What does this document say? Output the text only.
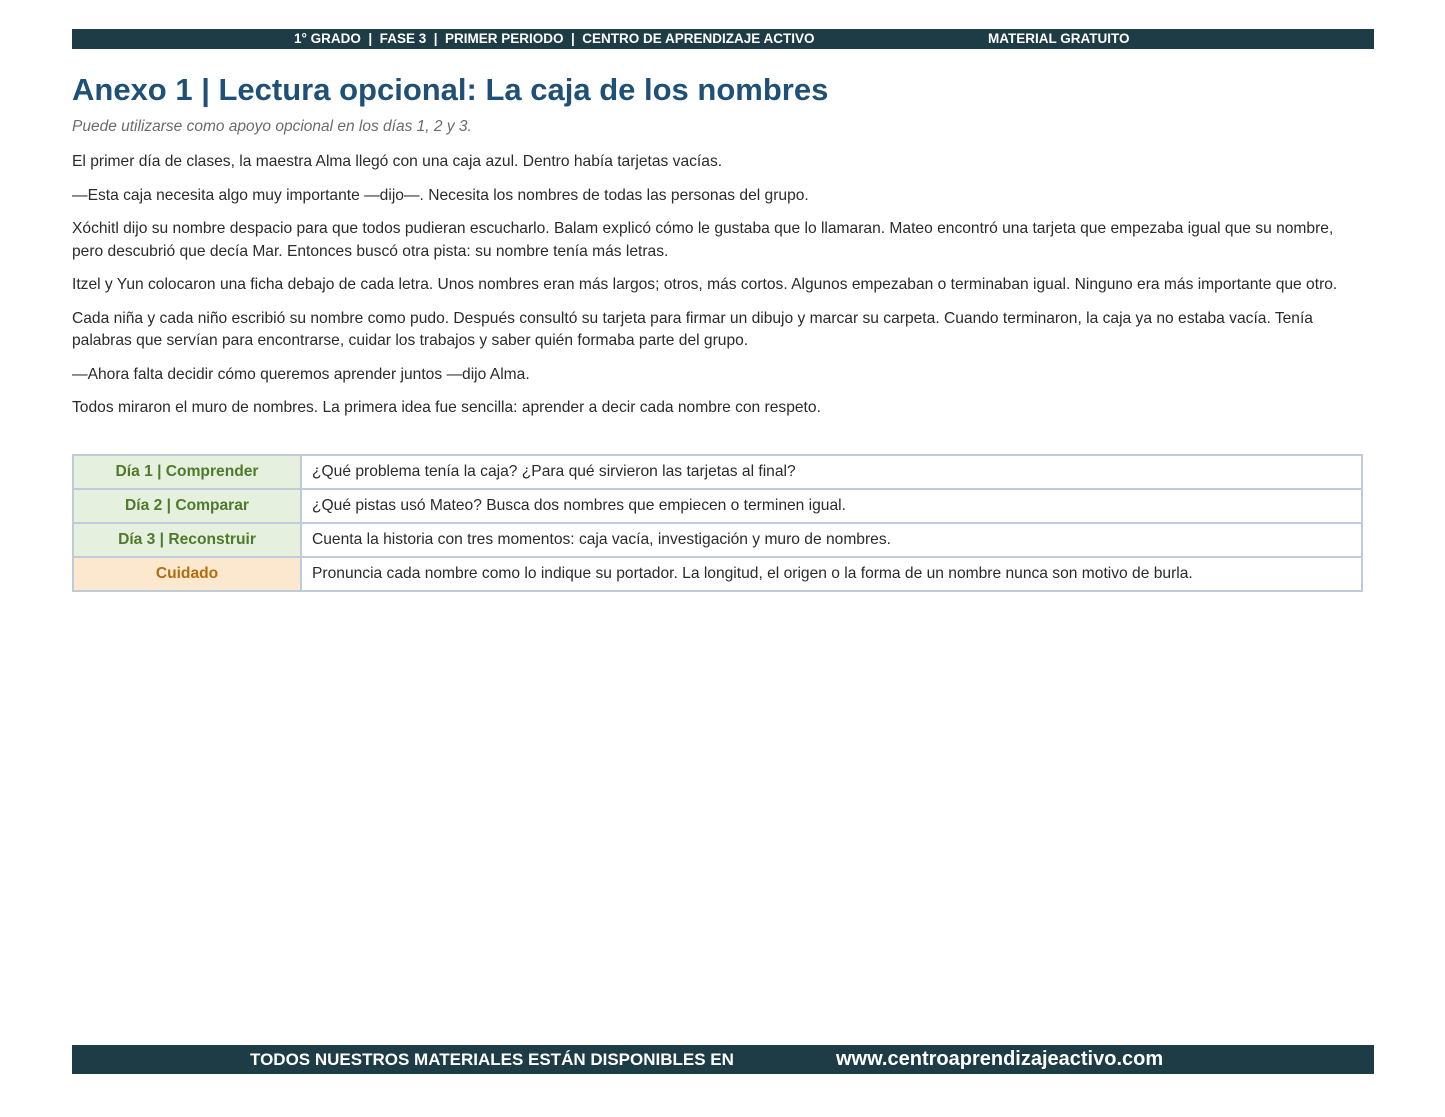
1° GRADO  |  FASE 3  |  PRIMER PERIODO  |  CENTRO DE APRENDIZAJE ACTIVO	MATERIAL GRATUITO
Anexo 1 | Lectura opcional: La caja de los nombres

Puede utilizarse como apoyo opcional en los días 1, 2 y 3.

El primer día de clases, la maestra Alma llegó con una caja azul. Dentro había tarjetas vacías.

—Esta caja necesita algo muy importante —dijo—. Necesita los nombres de todas las personas del grupo.

Xóchitl dijo su nombre despacio para que todos pudieran escucharlo. Balam explicó cómo le gustaba que lo llamaran. Mateo encontró una tarjeta que empezaba igual que su nombre, pero descubrió que decía Mar. Entonces buscó otra pista: su nombre tenía más letras.

Itzel y Yun colocaron una ficha debajo de cada letra. Unos nombres eran más largos; otros, más cortos. Algunos empezaban o terminaban igual. Ninguno era más importante que otro.

Cada niña y cada niño escribió su nombre como pudo. Después consultó su tarjeta para firmar un dibujo y marcar su carpeta. Cuando terminaron, la caja ya no estaba vacía. Tenía palabras que servían para encontrarse, cuidar los trabajos y saber quién formaba parte del grupo.

—Ahora falta decidir cómo queremos aprender juntos —dijo Alma.

Todos miraron el muro de nombres. La primera idea fue sencilla: aprender a decir cada nombre con respeto.

Día 1 | Comprender	¿Qué problema tenía la caja? ¿Para qué sirvieron las tarjetas al final?
Día 2 | Comparar	¿Qué pistas usó Mateo? Busca dos nombres que empiecen o terminen igual.
Día 3 | Reconstruir	Cuenta la historia con tres momentos: caja vacía, investigación y muro de nombres.
Cuidado	Pronuncia cada nombre como lo indique su portador. La longitud, el origen o la forma de un nombre nunca son motivo de burla.
TODOS NUESTROS MATERIALES ESTÁN DISPONIBLES EN	www.centroaprendizajeactivo.com
